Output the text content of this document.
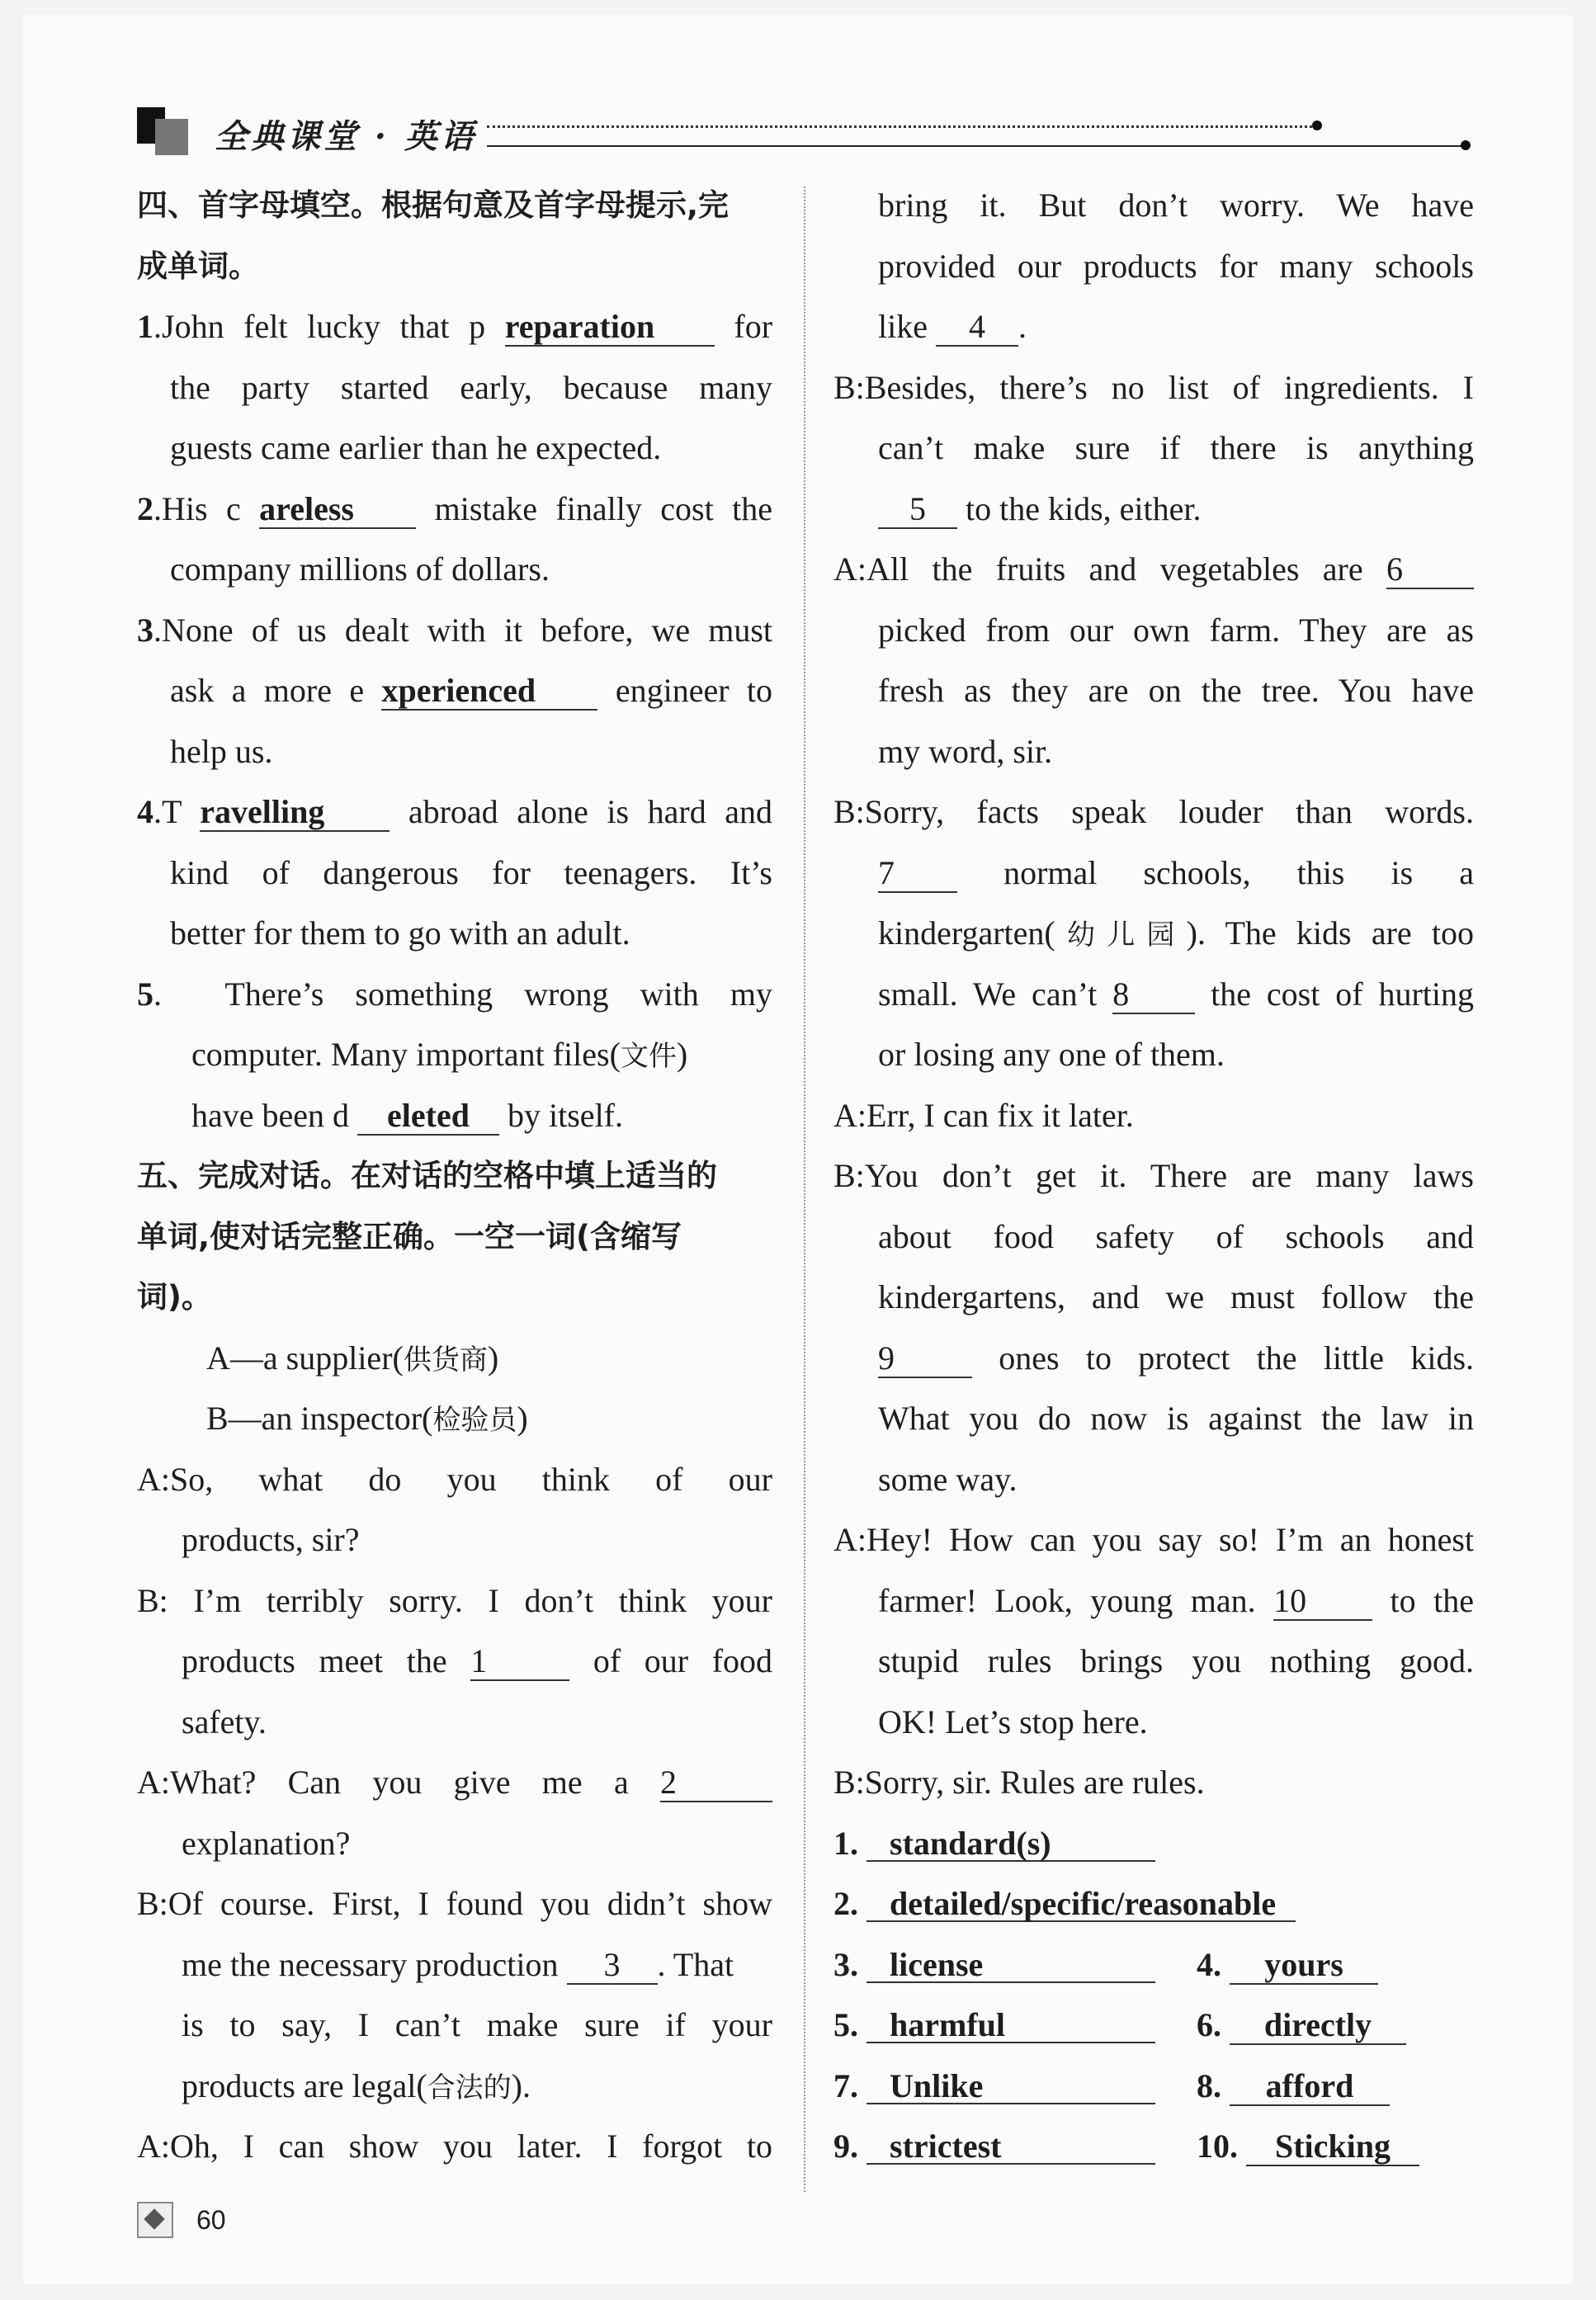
全典课堂 · 英语
四、首字母填空。根据句意及首字母提示,完
成单词。
1.John felt lucky that p reparation for
the party started early, because many
guests came earlier than he expected.
2.His c areless mistake finally cost the
company millions of dollars.
3.None of us dealt with it before, we must
ask a more e xperienced engineer to
help us.
4.T ravelling	abroad alone is hard and
kind of dangerous for teenagers. It’s
better for them to go with an adult.
5.  There’s something wrong with my
computer. Many important files(文件)
have been d eleted by itself.
五、完成对话。在对话的空格中填上适当的
单词,使对话完整正确。一空一词(含缩写
词)。
A—a supplier(供货商)
B—an inspector(检验员)
A:So, what do you think of our
products, sir?
B: I’m terribly sorry. I don’t think your
products meet the 1	of our food
safety.
A:What? Can you give me a 2
explanation?
B:Of course. First, I found you didn’t show
me the necessary production 3 . That
is to say, I can’t make sure if your
products are legal(合法的).
A:Oh, I can show you later. I forgot to
bring it. But don’t worry. We have
provided our products for many schools
like 4 .
B:Besides, there’s no list of ingredients. I
can’t make sure if there is anything
5 to the kids, either.
A:All the fruits and vegetables are 6
picked from our own farm. They are as
fresh as they are on the tree. You have
my word, sir.
B:Sorry, facts speak louder than words.
7	normal schools, this is a
kindergarten(幼儿园). The kids are too
small. We can’t 8 the cost of hurting
or losing any one of them.
A:Err, I can fix it later.
B:You don’t get it. There are many laws
about food safety of schools and
kindergartens, and we must follow the
9	ones to protect the little kids.
What you do now is against the law in
some way.
A:Hey! How can you say so! I’m an honest
farmer! Look, young man. 10	to the
stupid rules brings you nothing good.
OK! Let’s stop here.
B:Sorry, sir. Rules are rules.
1. standard(s)
2. detailed/specific/reasonable
3. license	4. yours
5. harmful	6. directly
7. Unlike	8. afford
9. strictest	10. Sticking
60
